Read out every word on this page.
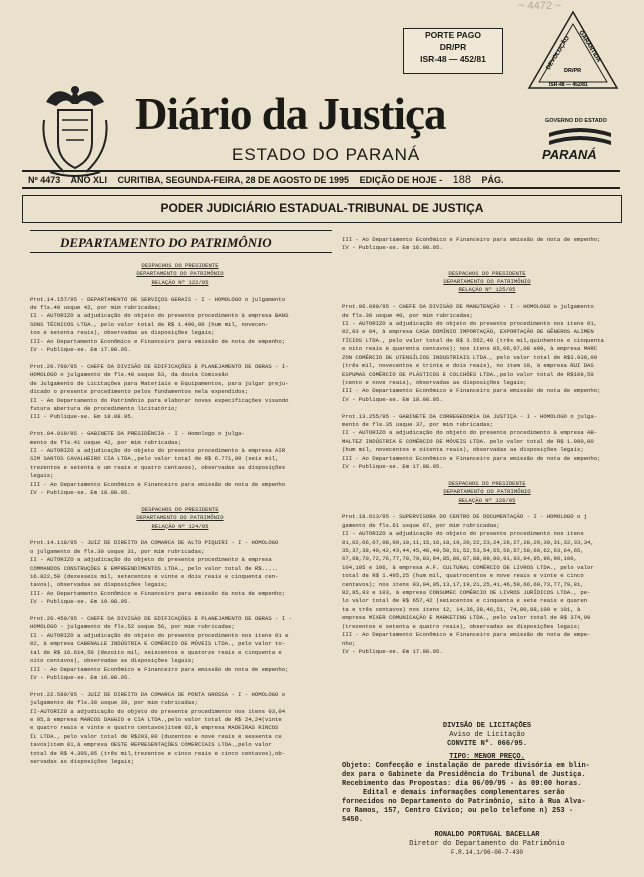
~ 4472 ~
PORTE PAGO
DR/PR
ISR-48 — 452/81	DEVOLUÇÃO GARANTIDA
DR/PR
ISR-48 — 452/81
Diário da Justiça
ESTADO DO PARANÁ
GOVERNO DO ESTADO
PARANÁ
Nº 4473 ANO XLI CURITIBA, SEGUNDA-FEIRA, 28 DE AGOSTO DE 1995 EDIÇÃO DE HOJE - 188 PÁG.
PODER JUDICIÁRIO ESTADUAL-TRIBUNAL DE JUSTIÇA
DEPARTAMENTO DO PATRIMÔNIO

DESPACHOS DO PRESIDENTE

DEPARTAMENTO DO PATRIMÔNIO

RELAÇÃO Nº 122/95

Prot.14.157/95 - DEPARTAMENTO DE SERVIÇOS GERAIS - I - HOMOLOGO o julgamento

de fls.40 usque 42, por mim rubricadas;

II - AUTORIZO a adjudicação do objeto do presente procedimento à empresa BANS

SONS TÉCNICOS LTDA., pelo valor total de R$ 1.490,00 (hum mil, novecen-

tos e setenta reais), observadas as disposições legais;

III- Ao Departamento Econômico e Financeiro para emissão de nota de empenho;

IV - Publique-se. Em 17.08.95.

Prot.20.700/95 - CHEFE DA DIVISÃO DE EDIFICAÇÕES E PLANEJAMENTO DE OBRAS - I-

HOMOLOGO o julgamento de fls.48 usque 63, da douta Comissão

de Julgamento de Licitações para Materiais e Equipamentos, para julgar preju-

dicado o presente procedimento pelos fundamentos nela expendidos;

II - Ao Departamento do Patrimônio para elaborar novas especificações visando

futura abertura de procedimento licitatório;

III - Publique-se. Em 18.08.95.

Prot.04.919/95 - GABINETE DA PRESIDÊNCIA - I - Homologo o julga-

mento de fls.41 usque 42, por mim rubricadas;

II - AUTORIZO a adjudicação do objeto do presente procedimento à empresa AIR

SIM SANTOS CAVALHEIRO CIA LTDA.,pelo valor total de R$ 6.771,00 (seis mil,

trezentos e setenta e um reais e quatro centavos), observadas as disposições

legais;

III - Ao Departamento Econômico e Financeiro para emissão de nota de empenho

IV - Publique-se. Em 18.08.95.

DESPACHOS DO PRESIDENTE

DEPARTAMENTO DO PATRIMÔNIO

RELAÇÃO Nº 124/95

Prot.14.118/95 - JUIZ DE DIREITO DA COMARCA DE ALTO PIQUIRI - I - HOMOLOGO

o julgamento de fls.30 usque 31, por mim rubricadas;

II - AUTORIZO a adjudicação do objeto do presente procedimento à empresa

COMMANDOS CONSTRUÇÕES E EMPREENDIMENTOS LTDA., pelo valor total de R$.....

16.822,50 (dezesseis mil, setecentos e vinte e dois reais e cinquenta cen-

tavos), observadas as disposições legais;

III- Ao Departamento Econômico e Financeiro para emissão da nota de empenho;

IV - Publique-se. Em 19.08.95.

Prot.20.450/95 - CHEFE DA DIVISÃO DE EDIFICAÇÕES E PLANEJAMENTO DE OBRAS - I -

HOMOLOGO - julgamento de fls.52 usque 56, por mim rubricadas;

II - AUTORIZO a adjudicação do objeto do presente procedimento nos itens 01 e

02, à empresa CABENALLE INDÚSTRIA E COMÉRCIO DE MÓVEIS LTDA., pelo valor to-

tal de R$ 16.614,50 (dezoito mil, seiscentos e quatorze reais e cinquenta e

oito centavos), observadas as disposições legais;

III - Ao Departamento Econômico e Financeiro para emissão de nota de empenho;

IV - Publique-se. Em 16.08.95.

Prot.22.580/95 - JUIZ DE DIREITO DA COMARCA DE PONTA GROSSA - I - HOMOLOGO o

julgamento de fls.38 usque 39, por mim rubricadas;

II-AUTORIZO a adjudicação do objeto do presente procedimento nos itens 03,04

e 05,à empresa MARCOS DAGGIO e CIA LTDA.,pelo valor total de R$ 24,24(vinte

e quatro reais e vinte e quatro centavos)item 02,à empresa MADEIRAS RINCOS

ÍL LTDA., pelo valor total de R$203,00 (duzentos e nove reais e sessenta ce

tavos)item 01,à empresa OESTE REPRESENTAÇÕES COMERCIAIS LTDA.,pelo valor

total de R$ 4.305,05 (três mil,trezentos e cinco reais e cinco centavos),ob-

servadas as disposições legais;

III - Ao Departamento Econômico e Financeiro para emissão de nota de empenho;

IV - Publique-se. Em 16.08.95.

DESPACHOS DO PRESIDENTE

DEPARTAMENTO DO PATRIMÔNIO

RELAÇÃO Nº 125/95

Prot.06.090/95 - CHEFE DA DIVISÃO DE MANUTENÇÃO - I - HOMOLOGO o julgamento

de fls.38 usque 40, por mim rubricadas;

II - AUTORIZO a adjudicação do objeto do presente procedimento nos itens 01,

02,03 e 04, à empresa CASA DOMÍNIO IMPORTAÇÃO, EXPORTAÇÃO DE GÊNEROS ALIMEN

TÍCIOS LTDA., pelo valor total de R$ 3.552,40 (três mil,quinhentos e cinquenta

e oito reais e quarenta centavos); nos itens 05,06,07,08 e09, à empresa MARC

ZON COMÉRCIO DE UTENSÍLIOS INDUSTRIAIS LTDA., pelo valor total de R$3.930,00

(três mil, novecentos e trinta e dois reais), no item 10, à empresa RUI DAS

ESPUMAS COMÉRCIO DE PLÁSTICOS E COLCHÕES LTDA.,pelo valor total de R$109,50

(cento e nove reais), observadas as disposições legais;

III - Ao Departamento Econômico e Financeiro para emissão de nota de empenho;

IV - Publique-se. Em 18.08.95.

Prot.13.255/95 - GABINETE DA CORREGEDORIA DA JUSTIÇA - I - HOMOLOGO o julga-

mento de fls.35 usque 37, por mim rubricadas;

II - AUTORIZO a adjudicação do objeto do presente procedimento à empresa AB-

MALTEZ INDÚSTRIA E COMÉRCIO DE MÓVEIS LTDA. pelo valor total de R$ 1.980,00

(hum mil, novecentos e oitenta reais), observadas as disposições legais;

III - Ao Departamento Econômico e Financeiro para emissão de nota de empenho;

IV - Publique-se. Em 17.08.95.

DESPACHOS DO PRESIDENTE

DEPARTAMENTO DO PATRIMÔNIO

RELAÇÃO Nº 126/95

Prot.18.613/95 - SUPERVISORA DO CENTRO DE DOCUMENTAÇÃO - I - HOMOLOGO o j

gamento de fls.61 usque 67, por mim rubricadas;

II - AUTORIZO a adjudicação do objeto do presente procedimento nos itens

01,02,06,07,08,09,10,11,15,16,18,19,20,22,23,24,26,27,28,29,30,31,32,33,34,

35,37,38,40,42,43,44,45,48,49,50,51,52,53,54,55,56,57,58,60,62,63,64,65,

67,68,70,72,76,77,78,79,83,84,85,86,87,88,89,90,91,93,94,95,96,98,100,

104,105 e 106, à empresa A.F. CULTURAL COMÉRCIO DE LIVROS LTDA., pelo valor

total de R$ 1.495,25 (hum mil, quatrocentos e nove reais e vinte e cinco

centavos); nos itens 03,04,05,13,17,19,21,25,41,46,59,66,69,73,77,79,81,

82,85,93 e 103, à empresa CONSUMEC COMÉRCIO DE LIVROS JURÍDICOS LTDA., pe-

lo valor total de R$ 657,42 (seiscentos e cinquenta e sete reais e quaren

ta e três centavos) nos itens 12, 14,36,38,46,51, 74,80,88,100 e 101, à

empresa MIXER COMUNICAÇÃO E MARKETING LTDA., pelo valor total de R$ 374,99

(trezentos e setenta e quatro reais), observadas as disposições legais;

III - Ao Departamento Econômico e Financeiro para emissão de nota de empe-

nho;

IV - Publique-se. Em 17.08.95.

DIVISÃO DE LICITAÇÕES

Aviso de Licitação

CONVITE Nº. 066/95.

TIPO: MENOR PREÇO.

Objeto: Confecção e instalação de parede divisória em blin-

dex para o Gabinete da Presidência do Tribunal de Justiça.

Recebimento das Propostas: dia 06/09/95 - às 09:00 horas.

Edital e demais informações complementares serão

fornecidos no Departamento do Patrimônio, sito à Rua Alva-

ro Ramos, 157, Centro Cívico; ou pelo telefone n) 253 -

5450.

RONALDO PORTUGAL BACELLAR

Diretor do Departamento do Patrimônio

F.R.14.1/96-00-7-430
